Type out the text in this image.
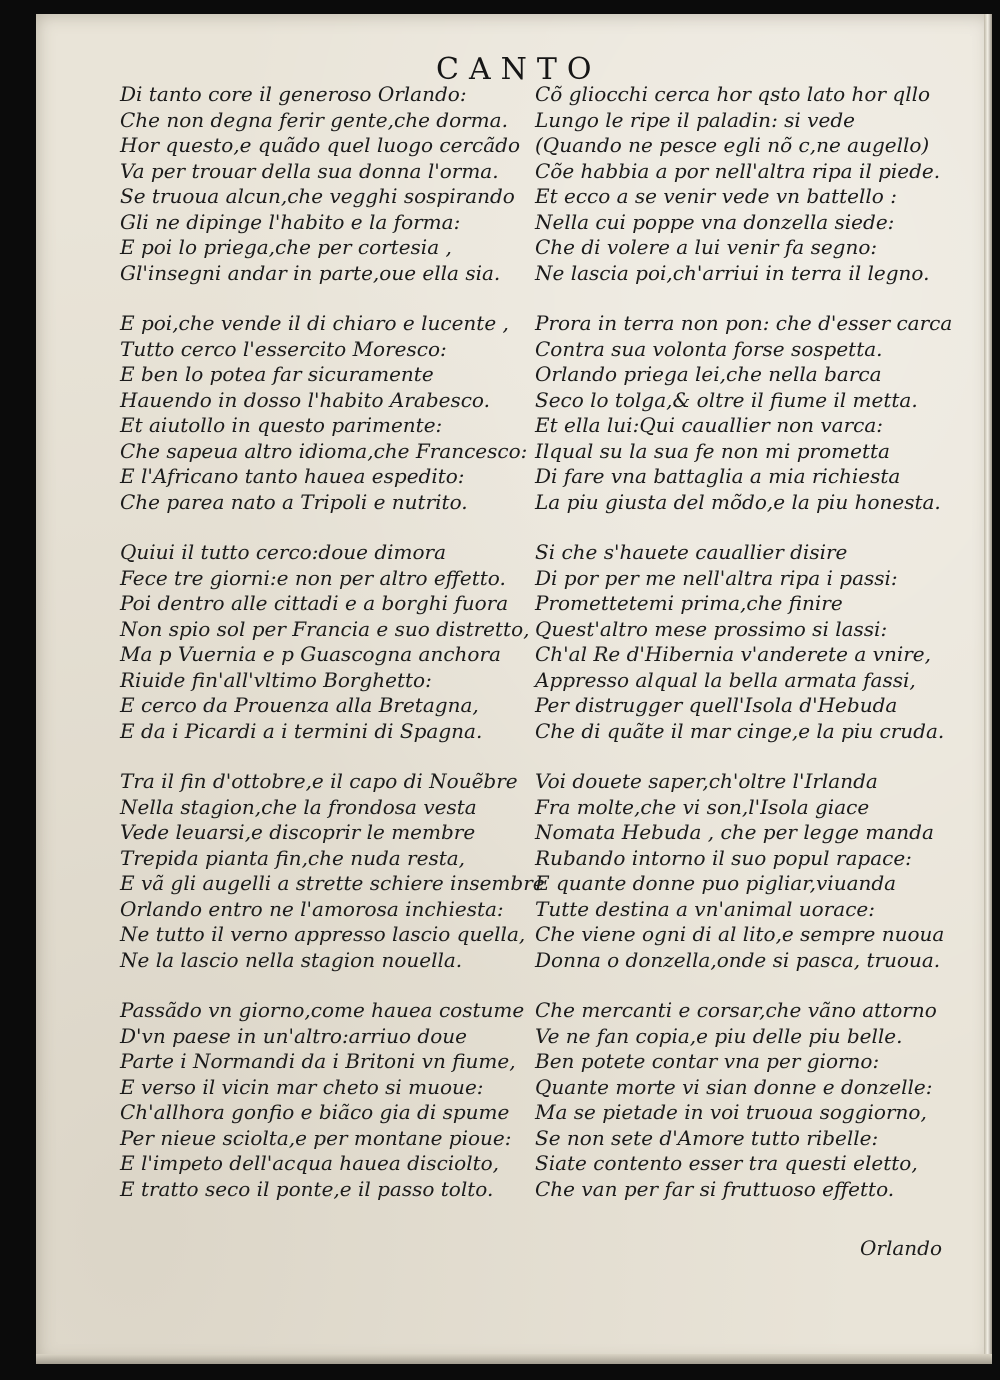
CANTO
Di tanto core il generoso Orlando:
Che non degna ferir gente,che dorma.
Hor questo,e quãdo quel luogo cercãdo
Va per trouar della sua donna l'orma.
Se truoua alcun,che vegghi sospirando
Gli ne dipinge l'habito e la forma:
E poi lo priega,che per cortesia ,
Gl'insegni andar in parte,oue ella sia.
E poi,che vende il di chiaro e lucente ,
Tutto cerco l'essercito Moresco:
E ben lo potea far sicuramente
Hauendo in dosso l'habito Arabesco.
Et aiutollo in questo parimente:
Che sapeua altro idioma,che Francesco:
E l'Africano tanto hauea espedito:
Che parea nato a Tripoli e nutrito.
Quiui il tutto cerco:doue dimora
Fece tre giorni:e non per altro effetto.
Poi dentro alle cittadi e a borghi fuora
Non spio sol per Francia e suo distretto,
Ma p Vuernia e p Guascogna anchora
Riuide fin'all'vltimo Borghetto:
E cerco da Prouenza alla Bretagna,
E da i Picardi a i termini di Spagna.
Tra il fin d'ottobre,e il capo di Nouẽbre
Nella stagion,che la frondosa vesta
Vede leuarsi,e discoprir le membre
Trepida pianta fin,che nuda resta,
E vã gli augelli a strette schiere insembre
Orlando entro ne l'amorosa inchiesta:
Ne tutto il verno appresso lascio quella,
Ne la lascio nella stagion nouella.
Passãdo vn giorno,come hauea costume
D'vn paese in un'altro:arriuo doue
Parte i Normandi da i Britoni vn fiume,
E verso il vicin mar cheto si muoue:
Ch'allhora gonfio e biãco gia di spume
Per nieue sciolta,e per montane pioue:
E l'impeto dell'acqua hauea disciolto,
E tratto seco il ponte,e il passo tolto.
Cõ gliocchi cerca hor qsto lato hor qllo
Lungo le ripe il paladin: si vede
(Quando ne pesce egli nõ c,ne augello)
Cõe habbia a por nell'altra ripa il piede.
Et ecco a se venir vede vn battello :
Nella cui poppe vna donzella siede:
Che di volere a lui venir fa segno:
Ne lascia poi,ch'arriui in terra il legno.
Prora in terra non pon: che d'esser carca
Contra sua volonta forse sospetta.
Orlando priega lei,che nella barca
Seco lo tolga,& oltre il fiume il metta.
Et ella lui:Qui cauallier non varca:
Ilqual su la sua fe non mi prometta
Di fare vna battaglia a mia richiesta
La piu giusta del mõdo,e la piu honesta.
Si che s'hauete cauallier disire
Di por per me nell'altra ripa i passi:
Promettetemi prima,che finire
Quest'altro mese prossimo si lassi:
Ch'al Re d'Hibernia v'anderete a vnire,
Appresso alqual la bella armata fassi,
Per distrugger quell'Isola d'Hebuda
Che di quãte il mar cinge,e la piu cruda.
Voi douete saper,ch'oltre l'Irlanda
Fra molte,che vi son,l'Isola giace
Nomata Hebuda , che per legge manda
Rubando intorno il suo popul rapace:
E quante donne puo pigliar,viuanda
Tutte destina a vn'animal uorace:
Che viene ogni di al lito,e sempre nuoua
Donna o donzella,onde si pasca, truoua.
Che mercanti e corsar,che vãno attorno
Ve ne fan copia,e piu delle piu belle.
Ben potete contar vna per giorno:
Quante morte vi sian donne e donzelle:
Ma se pietade in voi truoua soggiorno,
Se non sete d'Amore tutto ribelle:
Siate contento esser tra questi eletto,
Che van per far si fruttuoso effetto.
Orlando
